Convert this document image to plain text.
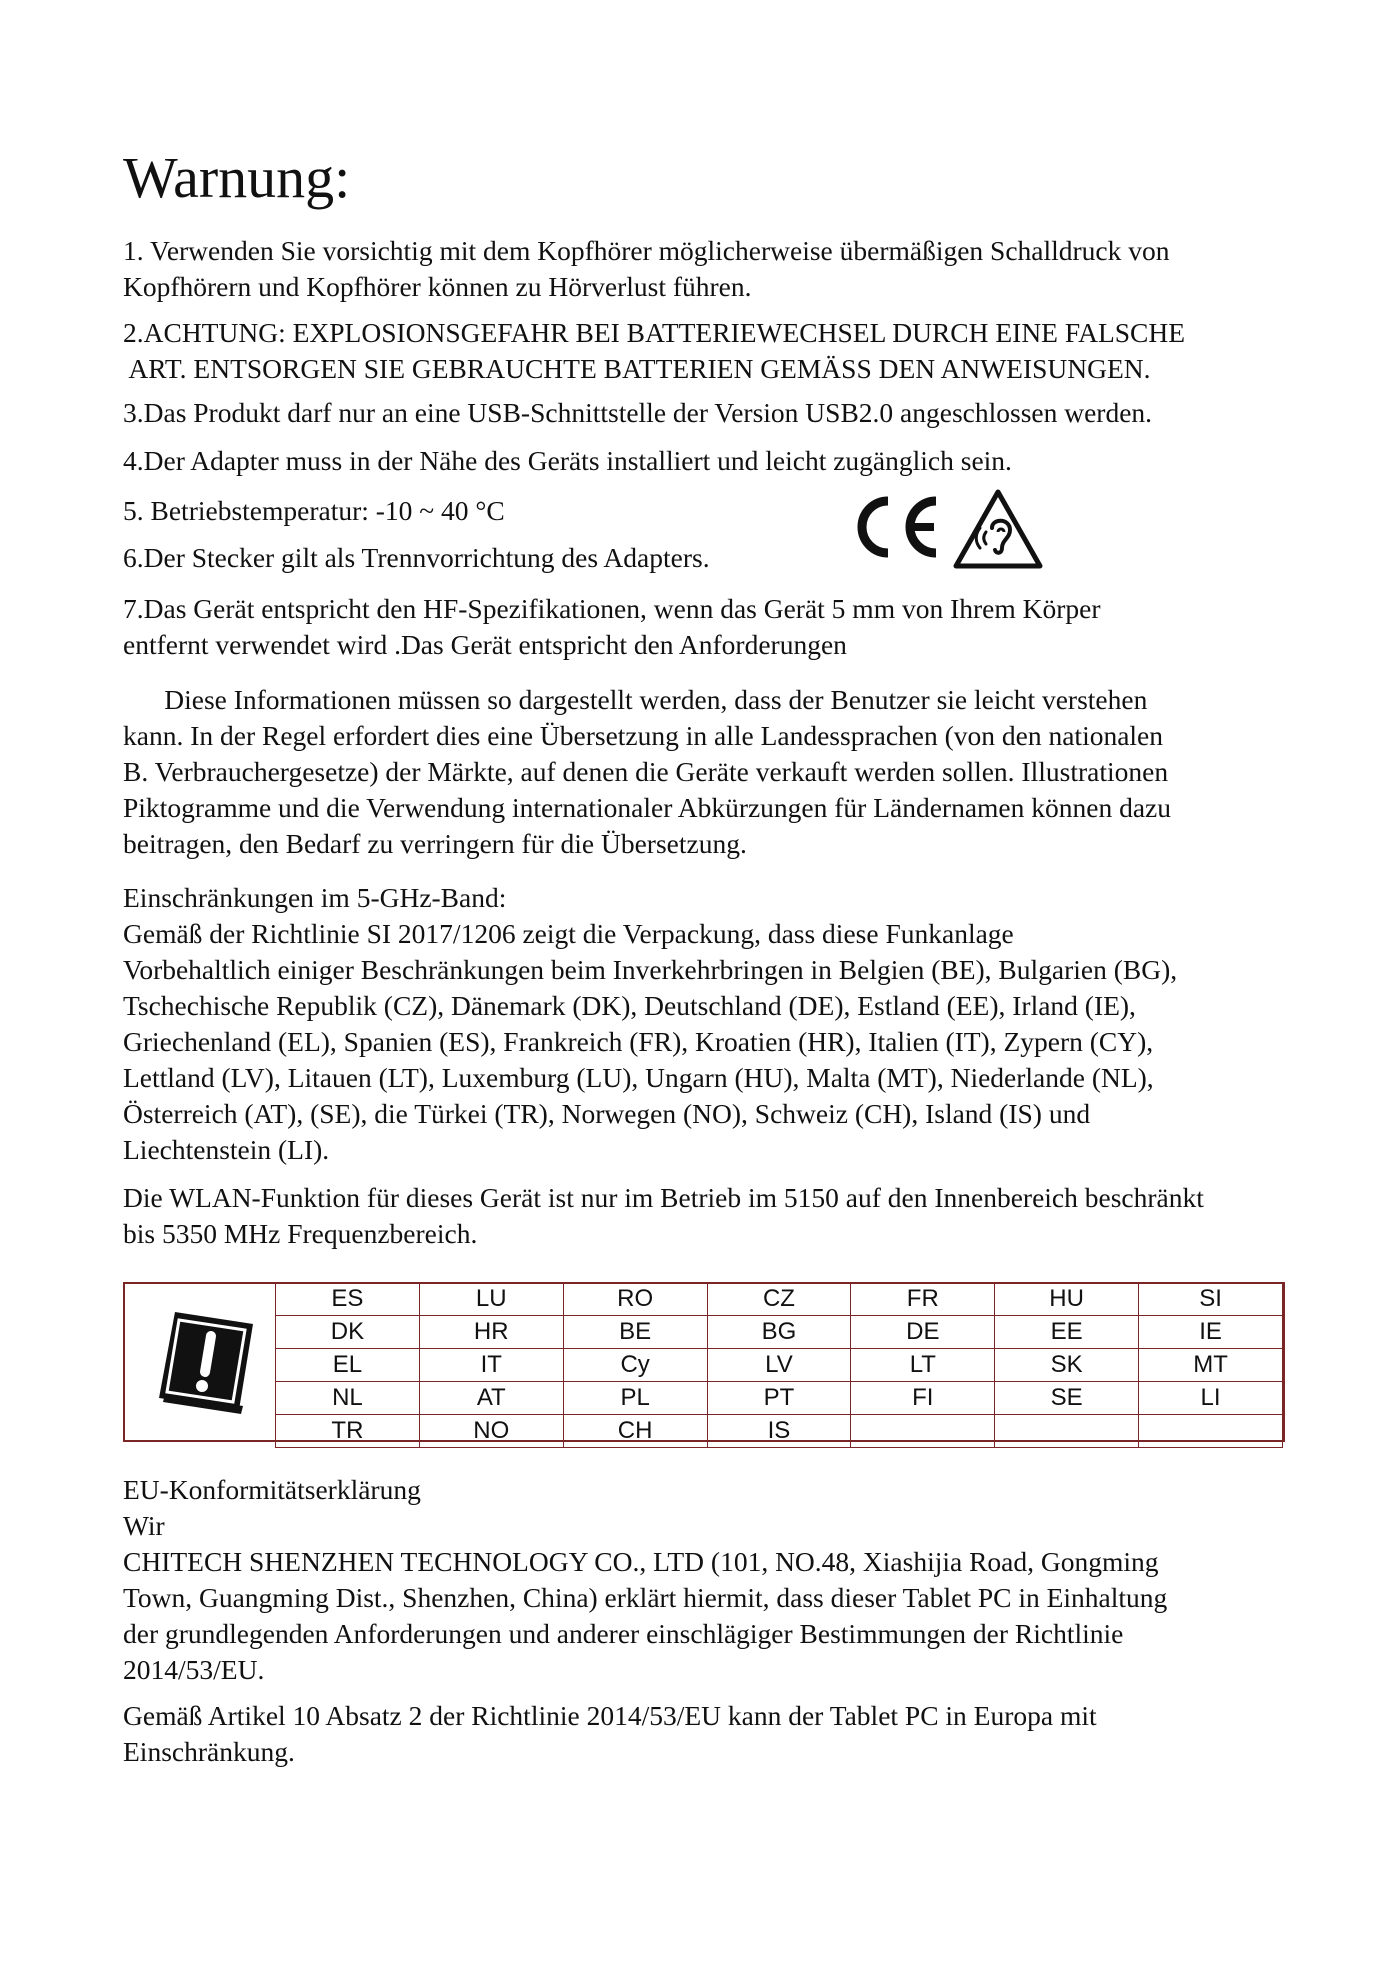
Warnung:

1. Verwenden Sie vorsichtig mit dem Kopfhörer möglicherweise übermäßigen Schalldruck von
Kopfhörern und Kopfhörer können zu Hörverlust führen.

2.ACHTUNG: EXPLOSIONSGEFAHR BEI BATTERIEWECHSEL DURCH EINE FALSCHE
ART. ENTSORGEN SIE GEBRAUCHTE BATTERIEN GEMÄSS DEN ANWEISUNGEN.

3.Das Produkt darf nur an eine USB-Schnittstelle der Version USB2.0 angeschlossen werden.

4.Der Adapter muss in der Nähe des Geräts installiert und leicht zugänglich sein.

5. Betriebstemperatur: -10 ~ 40 °C

6.Der Stecker gilt als Trennvorrichtung des Adapters.

7.Das Gerät entspricht den HF-Spezifikationen, wenn das Gerät 5 mm von Ihrem Körper
entfernt verwendet wird .Das Gerät entspricht den Anforderungen

Diese Informationen müssen so dargestellt werden, dass der Benutzer sie leicht verstehen
kann. In der Regel erfordert dies eine Übersetzung in alle Landessprachen (von den nationalen
B. Verbrauchergesetze) der Märkte, auf denen die Geräte verkauft werden sollen. Illustrationen
Piktogramme und die Verwendung internationaler Abkürzungen für Ländernamen können dazu
beitragen, den Bedarf zu verringern für die Übersetzung.

Einschränkungen im 5-GHz-Band:
Gemäß der Richtlinie SI 2017/1206 zeigt die Verpackung, dass diese Funkanlage
Vorbehaltlich einiger Beschränkungen beim Inverkehrbringen in Belgien (BE), Bulgarien (BG),
Tschechische Republik (CZ), Dänemark (DK), Deutschland (DE), Estland (EE), Irland (IE),
Griechenland (EL), Spanien (ES), Frankreich (FR), Kroatien (HR), Italien (IT), Zypern (CY),
Lettland (LV), Litauen (LT), Luxemburg (LU), Ungarn (HU), Malta (MT), Niederlande (NL),
Österreich (AT), (SE), die Türkei (TR), Norwegen (NO), Schweiz (CH), Island (IS) und
Liechtenstein (LI).

Die WLAN-Funktion für dieses Gerät ist nur im Betrieb im 5150 auf den Innenbereich beschränkt
bis 5350 MHz Frequenzbereich.

ES	LU	RO	CZ	FR	HU	SI
DK	HR	BE	BG	DE	EE	IE
EL	IT	Cy	LV	LT	SK	MT
NL	AT	PL	PT	FI	SE	LI
TR	NO	CH	IS			

EU-Konformitätserklärung
Wir
CHITECH SHENZHEN TECHNOLOGY CO., LTD (101, NO.48, Xiashijia Road, Gongming
Town, Guangming Dist., Shenzhen, China) erklärt hiermit, dass dieser Tablet PC in Einhaltung
der grundlegenden Anforderungen und anderer einschlägiger Bestimmungen der Richtlinie
2014/53/EU.

Gemäß Artikel 10 Absatz 2 der Richtlinie 2014/53/EU kann der Tablet PC in Europa mit
Einschränkung.
